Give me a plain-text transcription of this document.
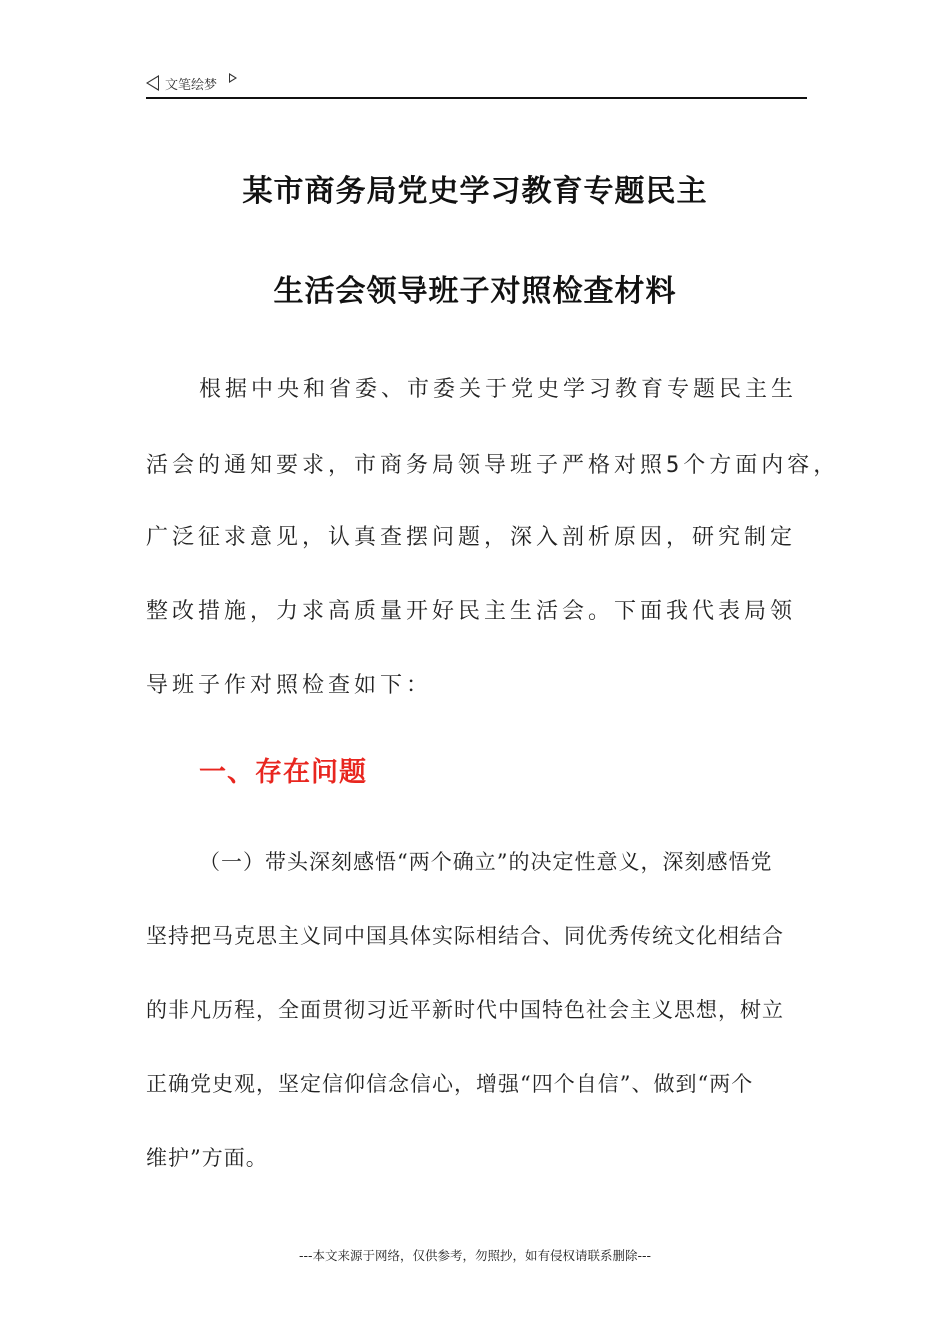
文笔绘梦
某市商务局党史学习教育专题民主
生活会领导班子对照检查材料
根据中央和省委、市委关于党史学习教育专题民主生
活会的通知要求，市商务局领导班子严格对照5个方面内容，
广泛征求意见，认真查摆问题，深入剖析原因，研究制定
整改措施，力求高质量开好民主生活会。下面我代表局领
导班子作对照检查如下：
一、存在问题
（一）带头深刻感悟“两个确立”的决定性意义，深刻感悟党
坚持把马克思主义同中国具体实际相结合、同优秀传统文化相结合
的非凡历程，全面贯彻习近平新时代中国特色社会主义思想，树立
正确党史观，坚定信仰信念信心，增强“四个自信”、做到“两个
维护”方面。
---本文来源于网络，仅供参考，勿照抄，如有侵权请联系删除---
